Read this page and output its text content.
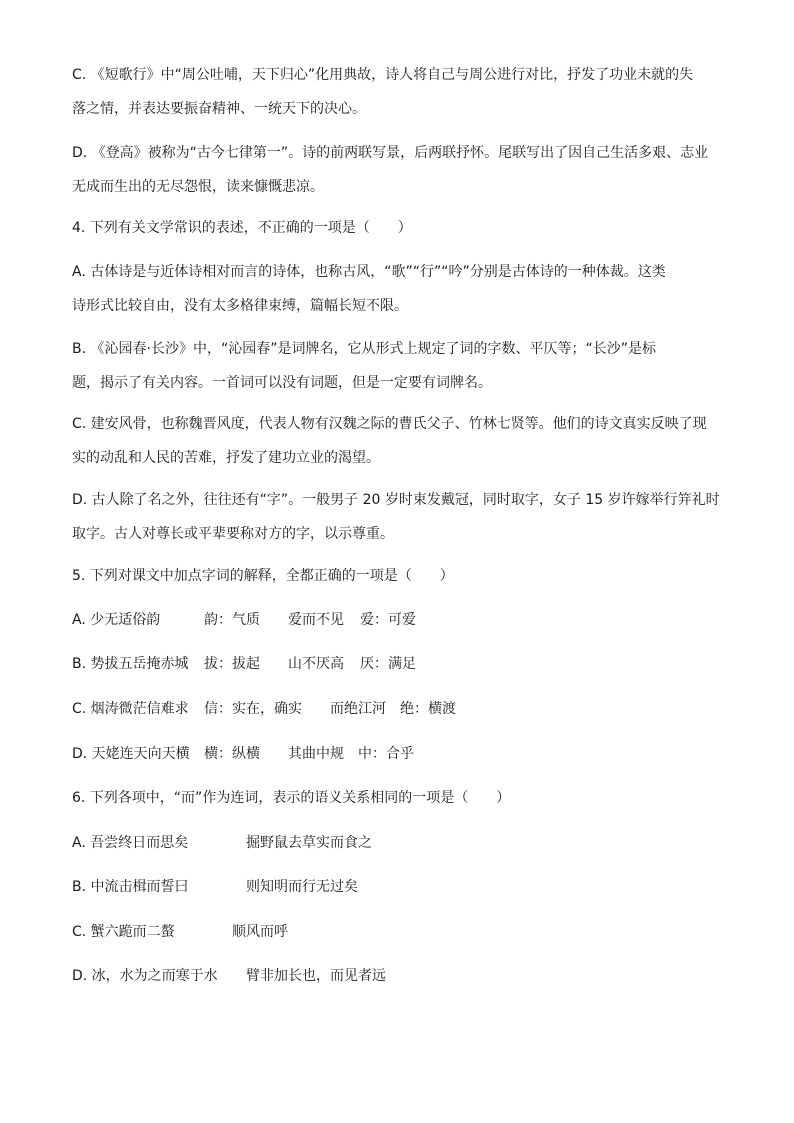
C. 《短歌行》中“周公吐哺，天下归心”化用典故，诗人将自己与周公进行对比，抒发了功业未就的失
落之情，并表达要振奋精神、一统天下的决心。
D. 《登高》被称为“古今七律第一”。诗的前两联写景，后两联抒怀。尾联写出了因自己生活多艰、志业
无成而生出的无尽怨恨，读来慷慨悲凉。
4. 下列有关文学常识的表述，不正确的一项是（　　）
A. 古体诗是与近体诗相对而言的诗体，也称古风，“歌”“行”“吟”分别是古体诗的一种体裁。这类
诗形式比较自由，没有太多格律束缚，篇幅长短不限。
B. 《沁园春·长沙》中，“沁园春”是词牌名，它从形式上规定了词的字数、平仄等；“长沙”是标
题，揭示了有关内容。一首词可以没有词题，但是一定要有词牌名。
C. 建安风骨，也称魏晋风度，代表人物有汉魏之际的曹氏父子、竹林七贤等。他们的诗文真实反映了现
实的动乱和人民的苦难，抒发了建功立业的渴望。
D. 古人除了名之外，往往还有“字”。一般男子 20 岁时束发戴冠，同时取字，女子 15 岁许嫁举行笄礼时
取字。古人对尊长或平辈要称对方的字，以示尊重。
5. 下列对课文中加点字词的解释，全都正确的一项是（　　）
A. 少无适俗韵	韵：气质 爱而不见 爱：可爱
B. 势拔五岳掩赤城 拔：拔起 山不厌高 厌：满足
C. 烟涛微茫信难求 信：实在，确实 而绝江河 绝：横渡
D. 天姥连天向天横 横：纵横 其曲中规 中：合乎
6. 下列各项中，“而”作为连词，表示的语义关系相同的一项是（　　）
A. 吾尝终日而思矣	掘野鼠去草实而食之
B. 中流击楫而誓曰	则知明而行无过矣
C. 蟹六跪而二螯	顺风而呼
D. 冰，水为之而寒于水 臂非加长也，而见者远
